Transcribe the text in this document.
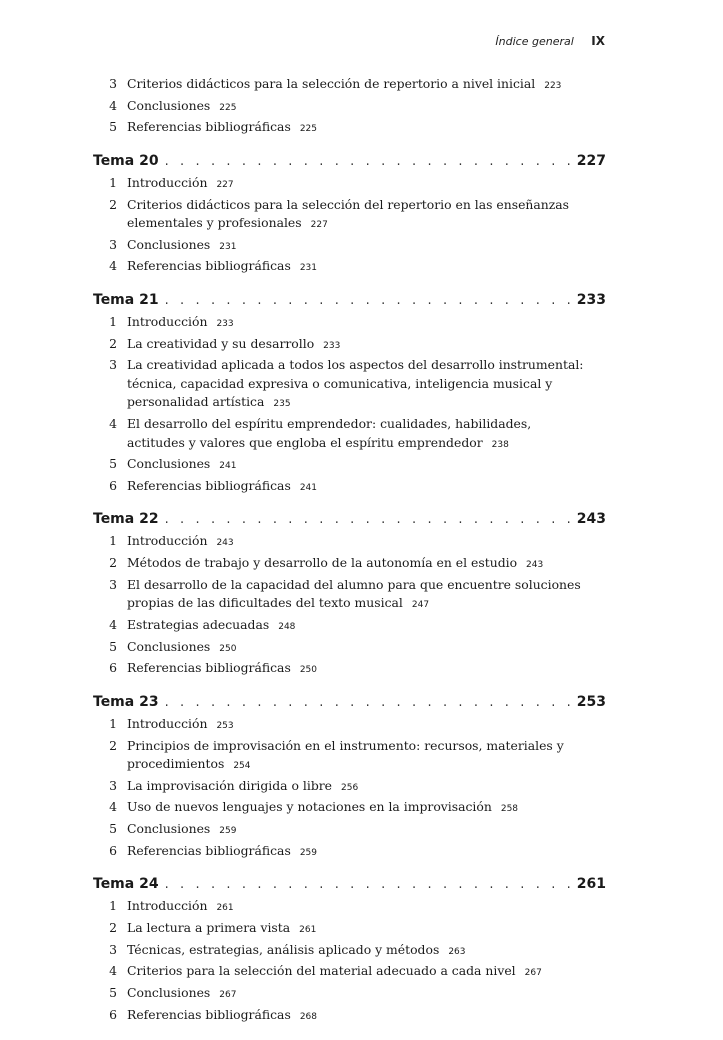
Índice general IX
3 Criterios didácticos para la selección de repertorio a nivel inicial 223
4 Conclusiones 225
5 Referencias bibliográficas 225
Tema 20 . . .	227
1 Introducción 227
2 Criterios didácticos para la selección del repertorio en las enseñanzas elementales y profesionales 227
3 Conclusiones 231
4 Referencias bibliográficas 231
Tema 21 . . .	233
1 Introducción 233
2 La creatividad y su desarrollo 233
3 La creatividad aplicada a todos los aspectos del desarrollo instrumental: técnica, capacidad expresiva o comunicativa, inteligencia musical y personalidad artística 235
4 El desarrollo del espíritu emprendedor: cualidades, habilidades, actitudes y valores que engloba el espíritu emprendedor 238
5 Conclusiones 241
6 Referencias bibliográficas 241
Tema 22 . . .	243
1 Introducción 243
2 Métodos de trabajo y desarrollo de la autonomía en el estudio 243
3 El desarrollo de la capacidad del alumno para que encuentre soluciones propias de las dificultades del texto musical 247
4 Estrategias adecuadas 248
5 Conclusiones 250
6 Referencias bibliográficas 250
Tema 23 . . .	253
1 Introducción 253
2 Principios de improvisación en el instrumento: recursos, materiales y procedimientos 254
3 La improvisación dirigida o libre 256
4 Uso de nuevos lenguajes y notaciones en la improvisación 258
5 Conclusiones 259
6 Referencias bibliográficas 259
Tema 24 . . .	261
1 Introducción 261
2 La lectura a primera vista 261
3 Técnicas, estrategias, análisis aplicado y métodos 263
4 Criterios para la selección del material adecuado a cada nivel 267
5 Conclusiones 267
6 Referencias bibliográficas 268
